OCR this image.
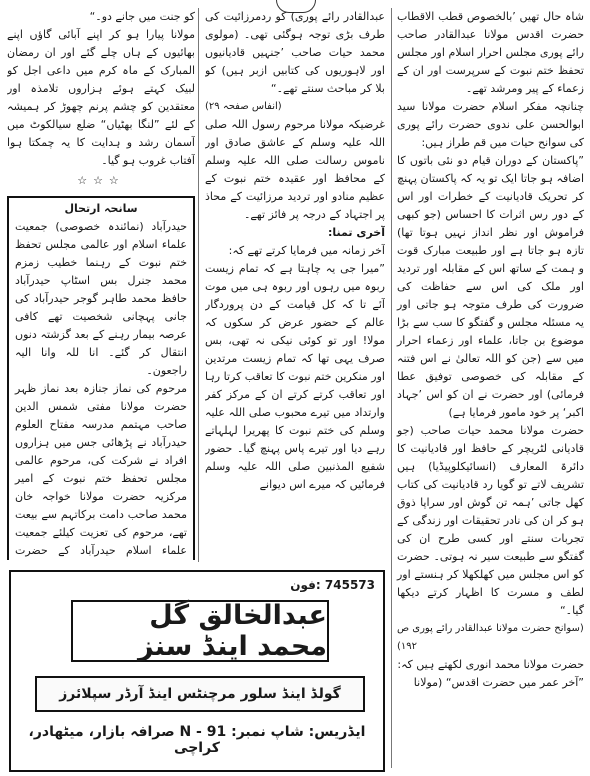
شاہ حال تھیں ’بالخصوص قطب الاقطاب حضرت اقدس مولانا عبدالقادر صاحب رائے پوری مجلس احرار اسلام اور مجلس تحفظ ختم نبوت کے سرپرست اور ان کے زعماء کے پیر ومرشد تھے۔

چنانچہ مفکر اسلام حضرت مولانا سید ابوالحسن علی ندوی حضرت رائے پوری کی سوانح حیات میں قم طراز ہیں:

”پاکستان کے دوران قیام دو نئی باتوں کا اضافہ ہو جاتا ایک تو یہ کہ پاکستان پہنچ کر تحریک قادیانیت کے خطرات اور اس کے دور رس اثرات کا احساس (جو کبھی فراموش اور نظر انداز نہیں ہوتا تھا) تازہ ہو جاتا ہے اور طبیعت مبارک قوت و ہمت کے ساتھ اس کے مقابلہ اور تردید اور ملک کی اس سے حفاظت کی ضرورت کی طرف متوجہ ہو جاتی اور یہ مسئلہ مجلس و گفتگو کا سب سے بڑا موضوع بن جاتا، علماء اور زعماء احرار میں سے (جن کو اللہ تعالیٰ نے اس فتنہ کے مقابلہ کی خصوصی توفیق عطا فرمائی) اور حضرت نے ان کو اس ’جہاد اکبر‘ پر خود مامور فرمایا ہے)

حضرت مولانا محمد حیات صاحب (جو قادیانی لٹریچر کے حافظ اور قادیانیت کا دائرۃ المعارف (انسائیکلوپیڈیا) ہیں تشریف لاتے تو گویا رد قادیانیت کی کتاب کھل جاتی ’ہمہ تن گوش اور سراپا ذوق ہو کر ان کی نادر تحقیقات اور زندگی کے تجربات سنتے اور کسی طرح ان کی گفتگو سے طبیعت سیر نہ ہوتی۔ حضرت کو اس مجلس میں کھلکھلا کر ہنستے اور لطف و مسرت کا اظہار کرتے دیکھا گیا۔“

(سوانح حضرت مولانا عبدالقادر رائے پوری ص ۱۹۲)

حضرت مولانا محمد انوری لکھتے ہیں کہ:

”آخر عمر میں حضرت اقدس“ (مولانا

عبدالقادر رائے پوری) کو ردمرزائیت کی طرف بڑی توجہ ہوگئی تھی۔ (مولوی محمد حیات صاحب ’جنہیں قادیانیوں اور لاہوریوں کی کتابیں ازبر ہیں) کو بلا کر مباحث سنتے تھے۔“

(انفاس صفحہ ۲۹)

غرضیکہ مولانا مرحوم رسول اللہ صلی اللہ علیہ وسلم کے عاشق صادق اور ناموس رسالت صلی اللہ علیہ وسلم کے محافظ اور عقیدہ ختم نبوت کے عظیم منادو اور تردید مرزائیت کے محاذ پر اجتہاد کے درجہ پر فائز تھے۔

آخری تمنا:

آخر زمانہ میں فرمایا کرتے تھے کہ:

”میرا جی یہ چاہتا ہے کہ تمام زیست ربوہ میں رہوں اور ربوہ ہی میں موت آئے تا کہ کل قیامت کے دن پروردگار عالم کے حضور عرض کر سکوں کہ مولا! اور تو کوئی نیکی نہ تھی، بس صرف یہی تھا کہ تمام زیست مرتدین اور منکرین ختم نبوت کا تعاقب کرتا رہا اور تعاقب کرتے کرتے ان کے مرکز کفر وارتداد میں تیرے محبوب صلی اللہ علیہ وسلم کی ختم نبوت کا پھریرا لہلہاتے رہے دیا اور تیرے پاس پہنچ گیا۔ حضور شفیع المذنبین صلی اللہ علیہ وسلم فرمائیں کہ میرے اس دیوانے

کو جنت میں جانے دو۔“

مولانا پیارا ہو کر اپنے آبائی گاؤں اپنے بھائیوں کے ہاں چلے گئے اور ان رمضان المبارک کے ماہ کرم میں داعی اجل کو لبیک کہتے ہوئے ہزاروں تلامذہ اور معتقدین کو چشم پرنم چھوڑ کر ہمیشہ کے لئے ”لنگا بھٹیاں“ ضلع سیالکوٹ میں آسمان رشد و ہدایت کا یہ چمکتا ہوا آفتاب غروب ہو گیا۔

☆☆☆

سانحہ ارتحال

حیدرآباد (نمائندہ خصوصی) جمعیت علماء اسلام اور عالمی مجلس تحفظ ختم نبوت کے رہنما خطیب زمزم محمد جنرل بس اسٹاپ حیدرآباد حافظ محمد طاہر گوجر حیدرآباد کی جانی پہچانی شخصیت تھے کافی عرصہ بیمار رہنے کے بعد گزشتہ دنوں انتقال کر گئے۔ انا للہ وانا الیہ راجعون۔

مرحوم کی نماز جنازہ بعد نماز ظہر حضرت مولانا مفتی شمس الدین صاحب مہتمم مدرسہ مفتاح العلوم حیدرآباد نے پڑھائی جس میں ہزاروں افراد نے شرکت کی، مرحوم عالمی مجلس تحفظ ختم نبوت کے امیر مرکزیہ حضرت مولانا خواجہ خان محمد صاحب دامت برکاتہم سے بیعت تھے، مرحوم کی تعزیت کیلئے جمعیت علماء اسلام حیدرآباد کے حضرت

فون: 745573
عبدالخالق گل محمد اینڈ سنز
گولڈ اینڈ سلور مرچنٹس اینڈ آرڈر سپلائرز
ایڈریس: شاپ نمبر: N - 91 صرافہ بازار، میٹھادر، کراچی
